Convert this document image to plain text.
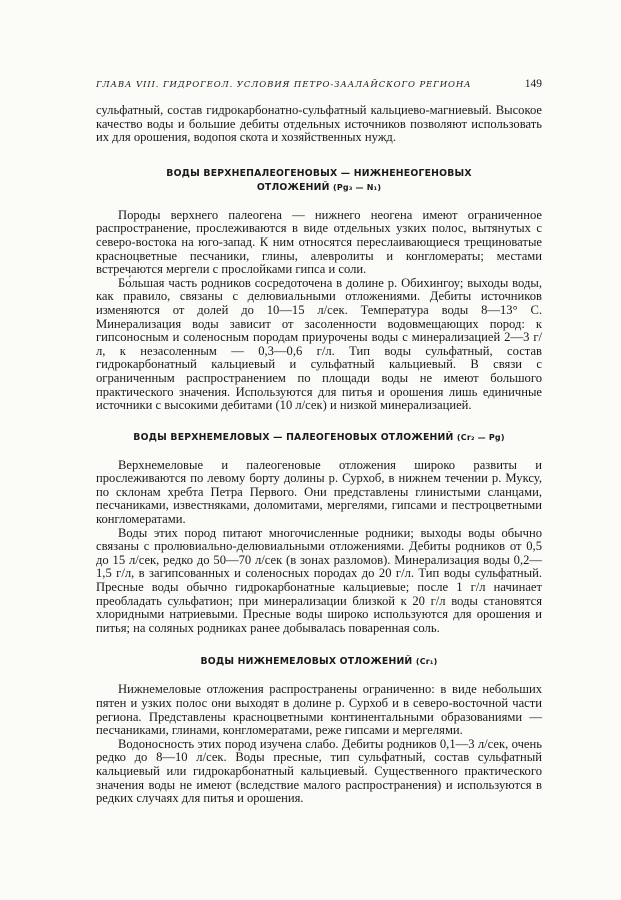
ГЛАВА VIII. ГИДРОГЕОЛ. УСЛОВИЯ ПЕТРО-ЗААЛАЙСКОГО РЕГИОНА	149

сульфатный, состав гидрокарбонатно-сульфатный кальциево-магниевый. Высокое качество воды и большие дебиты отдельных источников позволяют использовать их для орошения, водопоя скота и хозяйственных нужд.

ВОДЫ ВЕРХНЕПАЛЕОГЕНОВЫХ — НИЖНЕНЕОГЕНОВЫХ
ОТЛОЖЕНИЙ (Pg₃ — N₁)

Породы верхнего палеогена — нижнего неогена имеют ограниченное распространение, прослеживаются в виде отдельных узких полос, вытянутых с северо-востока на юго-запад. К ним относятся переслаивающиеся трещиноватые красноцветные песчаники, глины, алевролиты и конгломераты; местами встречаются мергели с прослойками гипса и соли.

Бо́льшая часть родников сосредоточена в долине р. Обихингоу; выходы воды, как правило, связаны с делювиальными отложениями. Дебиты источников изменяются от долей до 10—15 л/сек. Температура воды 8—13° С. Минерализация воды зависит от засоленности водовмещающих пород: к гипсоносным и соленосным породам приурочены воды с минерализацией 2—3 г/л, к незасоленным — 0,3—0,6 г/л. Тип воды сульфатный, состав гидрокарбонатный кальциевый и сульфатный кальциевый. В связи с ограниченным распространением по площади воды не имеют большого практического значения. Используются для питья и орошения лишь единичные источники с высокими дебитами (10 л/сек) и низкой минерализацией.

ВОДЫ ВЕРХНЕМЕЛОВЫХ — ПАЛЕОГЕНОВЫХ ОТЛОЖЕНИЙ (Cr₂ — Pg)

Верхнемеловые и палеогеновые отложения широко развиты и прослеживаются по левому борту долины р. Сурхоб, в нижнем течении р. Муксу, по склонам хребта Петра Первого. Они представлены глинистыми сланцами, песчаниками, известняками, доломитами, мергелями, гипсами и пестроцветными конгломератами.

Воды этих пород питают многочисленные родники; выходы воды обычно связаны с пролювиально-делювиальными отложениями. Дебиты родников от 0,5 до 15 л/сек, редко до 50—70 л/сек (в зонах разломов). Минерализация воды 0,2—1,5 г/л, в загипсованных и соленосных породах до 20 г/л. Тип воды сульфатный. Пресные воды обычно гидрокарбонатные кальциевые; после 1 г/л начинает преобладать сульфатион; при минерализации близкой к 20 г/л воды становятся хлоридными натриевыми. Пресные воды широко используются для орошения и питья; на соляных родниках ранее добывалась поваренная соль.

ВОДЫ НИЖНЕМЕЛОВЫХ ОТЛОЖЕНИЙ (Cr₁)

Нижнемеловые отложения распространены ограниченно: в виде небольших пятен и узких полос они выходят в долине р. Сурхоб и в северо-восточной части региона. Представлены красноцветными континентальными образованиями — песчаниками, глинами, конгломератами, реже гипсами и мергелями.

Водоносность этих пород изучена слабо. Дебиты родников 0,1—3 л/сек, очень редко до 8—10 л/сек. Воды пресные, тип сульфатный, состав сульфатный кальциевый или гидрокарбонатный кальциевый. Существенного практического значения воды не имеют (вследствие малого распространения) и используются в редких случаях для питья и орошения.
